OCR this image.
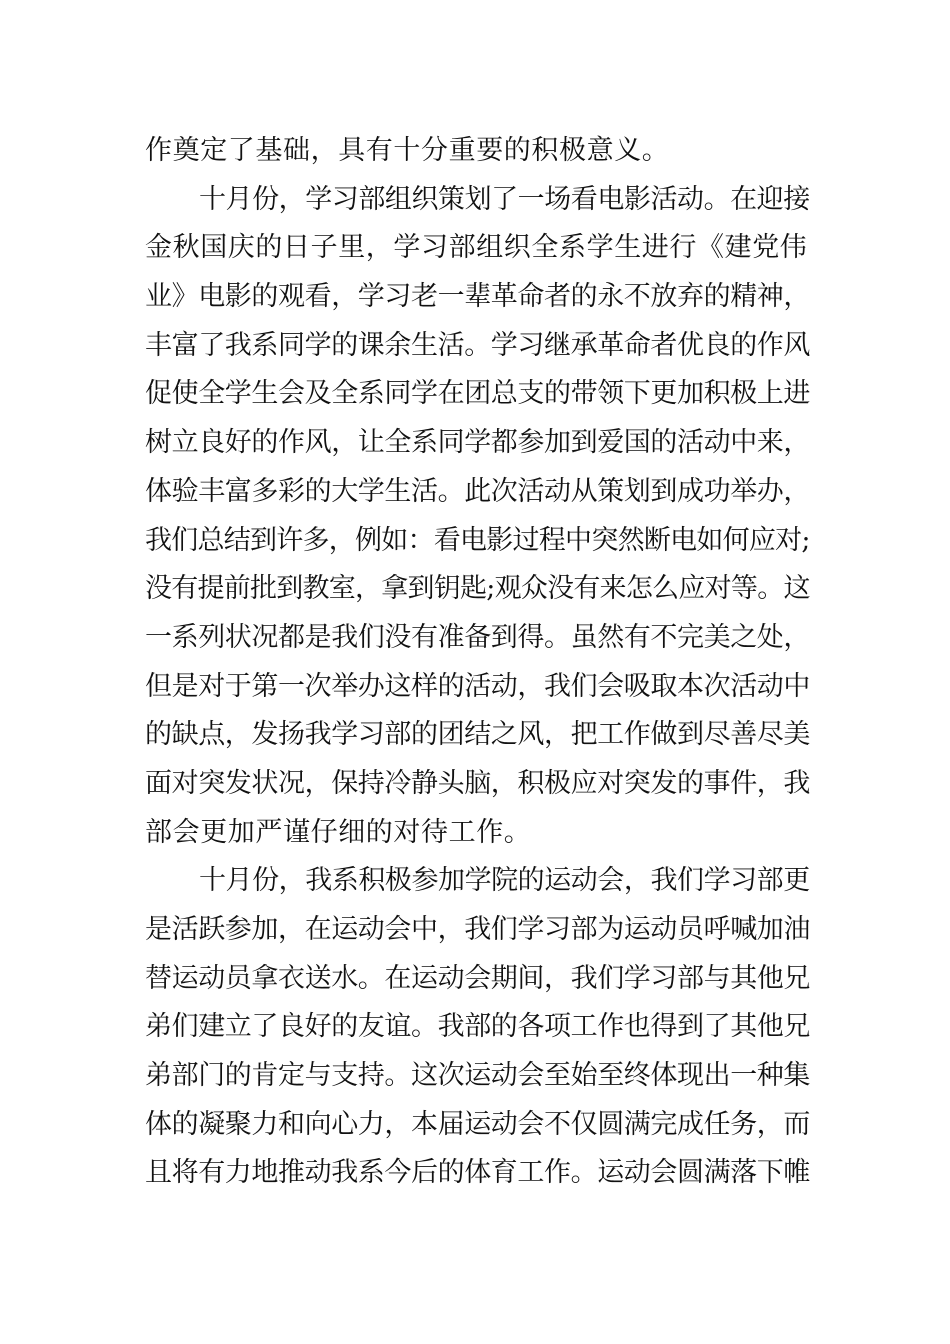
作奠定了基础，具有十分重要的积极意义。
十月份，学习部组织策划了一场看电影活动。在迎接
金秋国庆的日子里，学习部组织全系学生进行《建党伟
业》电影的观看，学习老一辈革命者的永不放弃的精神，
丰富了我系同学的课余生活。学习继承革命者优良的作风
促使全学生会及全系同学在团总支的带领下更加积极上进
树立良好的作风，让全系同学都参加到爱国的活动中来，
体验丰富多彩的大学生活。此次活动从策划到成功举办，
我们总结到许多，例如：看电影过程中突然断电如何应对;
没有提前批到教室，拿到钥匙;观众没有来怎么应对等。这
一系列状况都是我们没有准备到得。虽然有不完美之处，
但是对于第一次举办这样的活动，我们会吸取本次活动中
的缺点，发扬我学习部的团结之风，把工作做到尽善尽美
面对突发状况，保持冷静头脑，积极应对突发的事件，我
部会更加严谨仔细的对待工作。
十月份，我系积极参加学院的运动会，我们学习部更
是活跃参加，在运动会中，我们学习部为运动员呼喊加油
替运动员拿衣送水。在运动会期间，我们学习部与其他兄
弟们建立了良好的友谊。我部的各项工作也得到了其他兄
弟部门的肯定与支持。这次运动会至始至终体现出一种集
体的凝聚力和向心力，本届运动会不仅圆满完成任务，而
且将有力地推动我系今后的体育工作。运动会圆满落下帷
